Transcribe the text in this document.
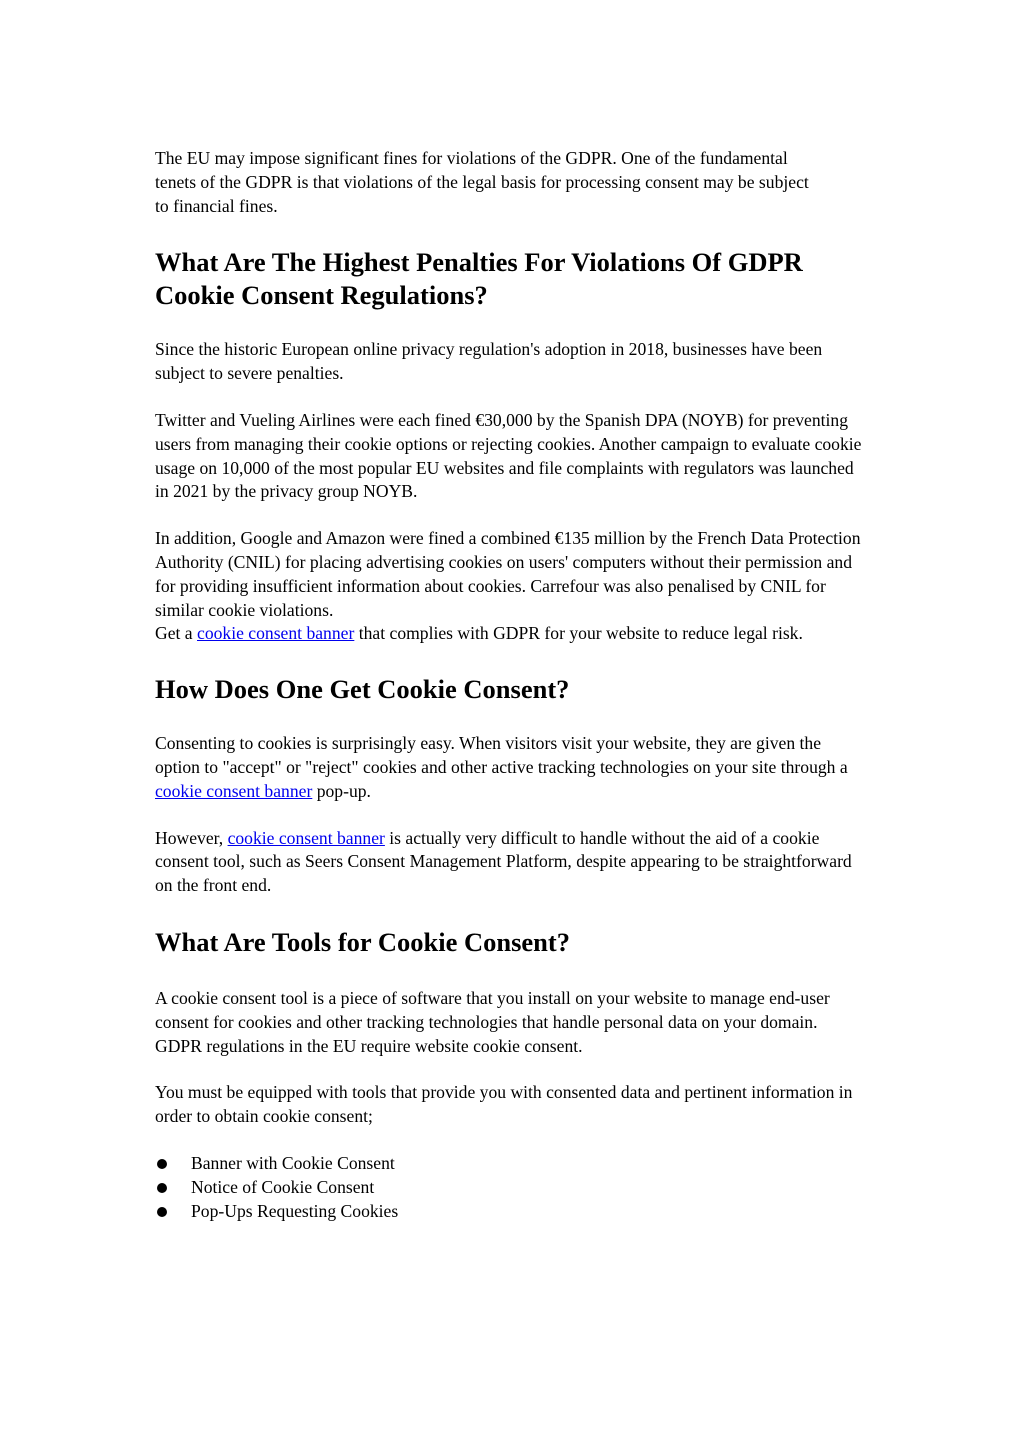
The EU may impose significant fines for violations of the GDPR. One of the fundamental tenets of the GDPR is that violations of the legal basis for processing consent may be subject to financial fines.

What Are The Highest Penalties For Violations Of GDPR Cookie Consent Regulations?

Since the historic European online privacy regulation's adoption in 2018, businesses have been subject to severe penalties.

Twitter and Vueling Airlines were each fined €30,000 by the Spanish DPA (NOYB) for preventing users from managing their cookie options or rejecting cookies. Another campaign to evaluate cookie usage on 10,000 of the most popular EU websites and file complaints with regulators was launched in 2021 by the privacy group NOYB.

In addition, Google and Amazon were fined a combined €135 million by the French Data Protection Authority (CNIL) for placing advertising cookies on users' computers without their permission and for providing insufficient information about cookies. Carrefour was also penalised by CNIL for similar cookie violations.
Get a cookie consent banner that complies with GDPR for your website to reduce legal risk.

How Does One Get Cookie Consent?

Consenting to cookies is surprisingly easy. When visitors visit your website, they are given the option to "accept" or "reject" cookies and other active tracking technologies on your site through a cookie consent banner pop-up.

However, cookie consent banner is actually very difficult to handle without the aid of a cookie consent tool, such as Seers Consent Management Platform, despite appearing to be straightforward on the front end.

What Are Tools for Cookie Consent?

A cookie consent tool is a piece of software that you install on your website to manage end-user consent for cookies and other tracking technologies that handle personal data on your domain. GDPR regulations in the EU require website cookie consent.

You must be equipped with tools that provide you with consented data and pertinent information in order to obtain cookie consent;

Banner with Cookie Consent
Notice of Cookie Consent
Pop-Ups Requesting Cookies
